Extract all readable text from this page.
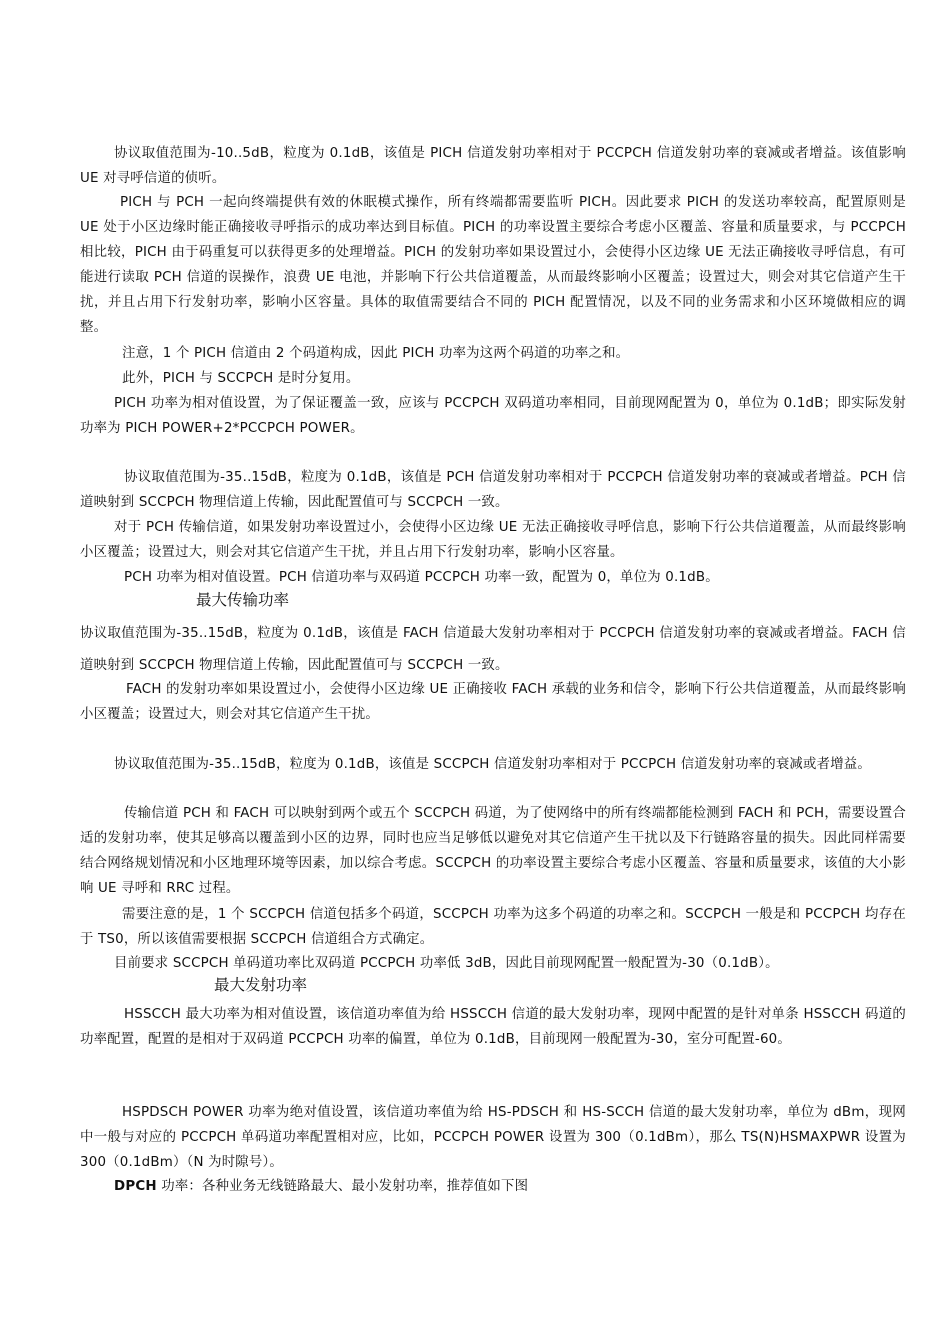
协议取值范围为-10..5dB，粒度为 0.1dB，该值是 PICH 信道发射功率相对于 PCCPCH 信道发射功率的衰减或者增益。该值影响 UE 对寻呼信道的侦听。

PICH 与 PCH 一起向终端提供有效的休眠模式操作，所有终端都需要监听 PICH。因此要求 PICH 的发送功率较高，配置原则是 UE 处于小区边缘时能正确接收寻呼指示的成功率达到目标值。PICH 的功率设置主要综合考虑小区覆盖、容量和质量要求，与 PCCPCH 相比较，PICH 由于码重复可以获得更多的处理增益。PICH 的发射功率如果设置过小，会使得小区边缘 UE 无法正确接收寻呼信息，有可能进行读取 PCH 信道的误操作，浪费 UE 电池，并影响下行公共信道覆盖，从而最终影响小区覆盖；设置过大，则会对其它信道产生干扰，并且占用下行发射功率，影响小区容量。具体的取值需要结合不同的 PICH 配置情况，以及不同的业务需求和小区环境做相应的调整。

注意，1 个 PICH 信道由 2 个码道构成，因此 PICH 功率为这两个码道的功率之和。

此外，PICH 与 SCCPCH 是时分复用。

PICH 功率为相对值设置，为了保证覆盖一致，应该与 PCCPCH 双码道功率相同，目前现网配置为 0，单位为 0.1dB；即实际发射功率为 PICH POWER+2*PCCPCH POWER。

协议取值范围为-35..15dB，粒度为 0.1dB，该值是 PCH 信道发射功率相对于 PCCPCH 信道发射功率的衰减或者增益。PCH 信道映射到 SCCPCH 物理信道上传输，因此配置值可与 SCCPCH 一致。

对于 PCH 传输信道，如果发射功率设置过小，会使得小区边缘 UE 无法正确接收寻呼信息，影响下行公共信道覆盖，从而最终影响小区覆盖；设置过大，则会对其它信道产生干扰，并且占用下行发射功率，影响小区容量。

PCH 功率为相对值设置。PCH 信道功率与双码道 PCCPCH 功率一致，配置为 0，单位为 0.1dB。

最大传输功率

协议取值范围为-35..15dB，粒度为 0.1dB，该值是 FACH 信道最大发射功率相对于 PCCPCH 信道发射功率的衰减或者增益。FACH 信道映射到 SCCPCH 物理信道上传输，因此配置值可与 SCCPCH 一致。

FACH 的发射功率如果设置过小，会使得小区边缘 UE 正确接收 FACH 承载的业务和信令，影响下行公共信道覆盖，从而最终影响小区覆盖；设置过大，则会对其它信道产生干扰。

协议取值范围为-35..15dB，粒度为 0.1dB，该值是 SCCPCH 信道发射功率相对于 PCCPCH 信道发射功率的衰减或者增益。

传输信道 PCH 和 FACH 可以映射到两个或五个 SCCPCH 码道，为了使网络中的所有终端都能检测到 FACH 和 PCH，需要设置合适的发射功率，使其足够高以覆盖到小区的边界，同时也应当足够低以避免对其它信道产生干扰以及下行链路容量的损失。因此同样需要结合网络规划情况和小区地理环境等因素，加以综合考虑。SCCPCH 的功率设置主要综合考虑小区覆盖、容量和质量要求，该值的大小影响 UE 寻呼和 RRC 过程。

需要注意的是，1 个 SCCPCH 信道包括多个码道，SCCPCH 功率为这多个码道的功率之和。SCCPCH 一般是和 PCCPCH 均存在于 TS0，所以该值需要根据 SCCPCH 信道组合方式确定。

目前要求 SCCPCH 单码道功率比双码道 PCCPCH 功率低 3dB，因此目前现网配置一般配置为-30（0.1dB）。

最大发射功率

HSSCCH 最大功率为相对值设置，该信道功率值为给 HSSCCH 信道的最大发射功率，现网中配置的是针对单条 HSSCCH 码道的功率配置，配置的是相对于双码道 PCCPCH 功率的偏置，单位为 0.1dB，目前现网一般配置为-30，室分可配置-60。

HSPDSCH POWER 功率为绝对值设置，该信道功率值为给 HS-PDSCH 和 HS-SCCH 信道的最大发射功率，单位为 dBm，现网中一般与对应的 PCCPCH 单码道功率配置相对应，比如，PCCPCH POWER 设置为 300（0.1dBm），那么 TS(N)HSMAXPWR 设置为 300（0.1dBm）（N 为时隙号）。

DPCH 功率：各种业务无线链路最大、最小发射功率，推荐值如下图
